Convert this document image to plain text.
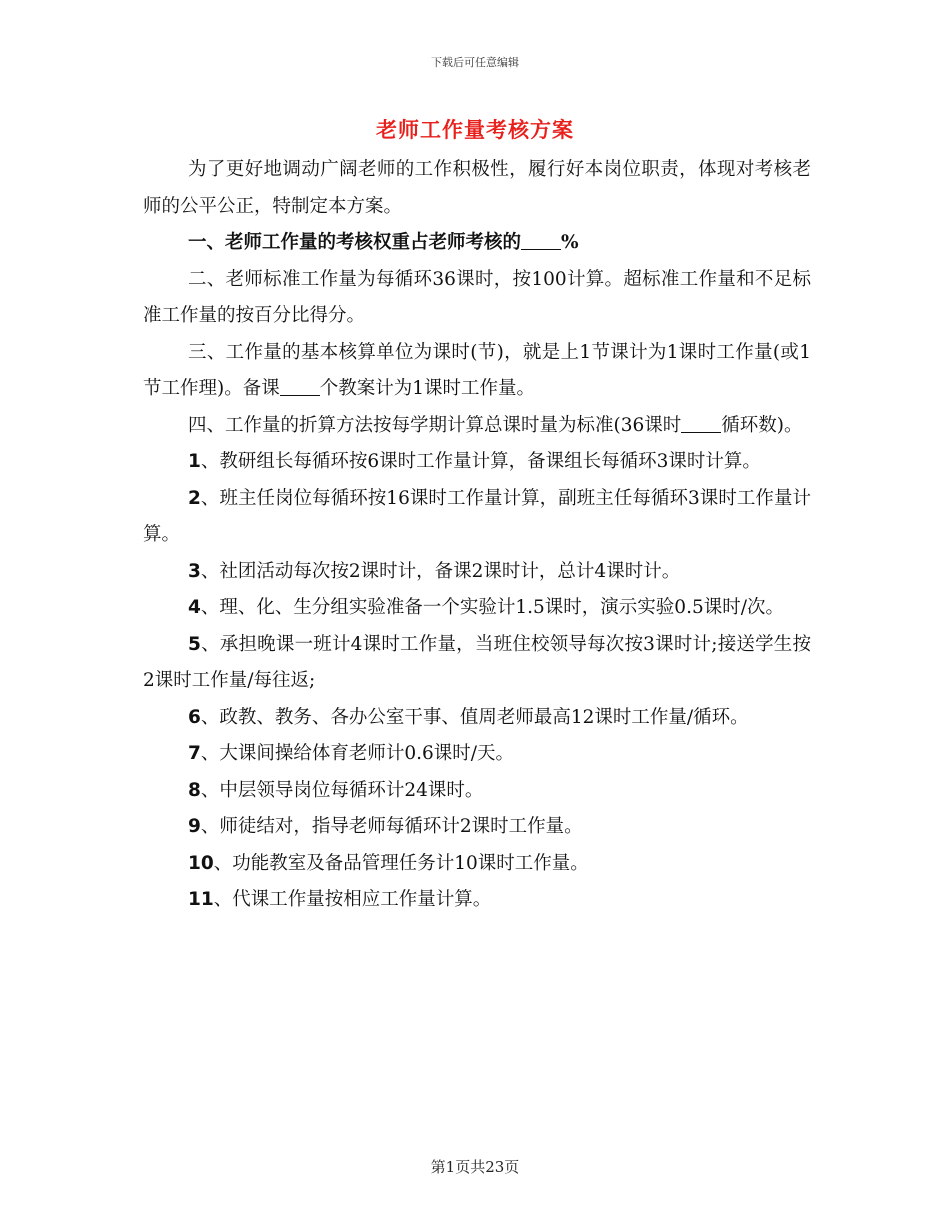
下载后可任意编辑
老师工作量考核方案

为了更好地调动广阔老师的工作积极性，履行好本岗位职责，体现对考核老师的公平公正，特制定本方案。

一、老师工作量的考核权重占老师考核的 %

二、老师标准工作量为每循环36课时，按100计算。超标准工作量和不足标准工作量的按百分比得分。

三、工作量的基本核算单位为课时(节)，就是上1节课计为1课时工作量(或1节工作理)。备课 个教案计为1课时工作量。

四、工作量的折算方法按每学期计算总课时量为标准(36课时 循环数)。

1、教研组长每循环按6课时工作量计算，备课组长每循环3课时计算。

2、班主任岗位每循环按16课时工作量计算，副班主任每循环3课时工作量计算。

3、社团活动每次按2课时计，备课2课时计，总计4课时计。

4、理、化、生分组实验准备一个实验计1.5课时，演示实验0.5课时/次。

5、承担晚课一班计4课时工作量，当班住校领导每次按3课时计;接送学生按2课时工作量/每往返;

6、政教、教务、各办公室干事、值周老师最高12课时工作量/循环。

7、大课间操给体育老师计0.6课时/天。

8、中层领导岗位每循环计24课时。

9、师徒结对，指导老师每循环计2课时工作量。

10、功能教室及备品管理任务计10课时工作量。

11、代课工作量按相应工作量计算。

第1页共23页
